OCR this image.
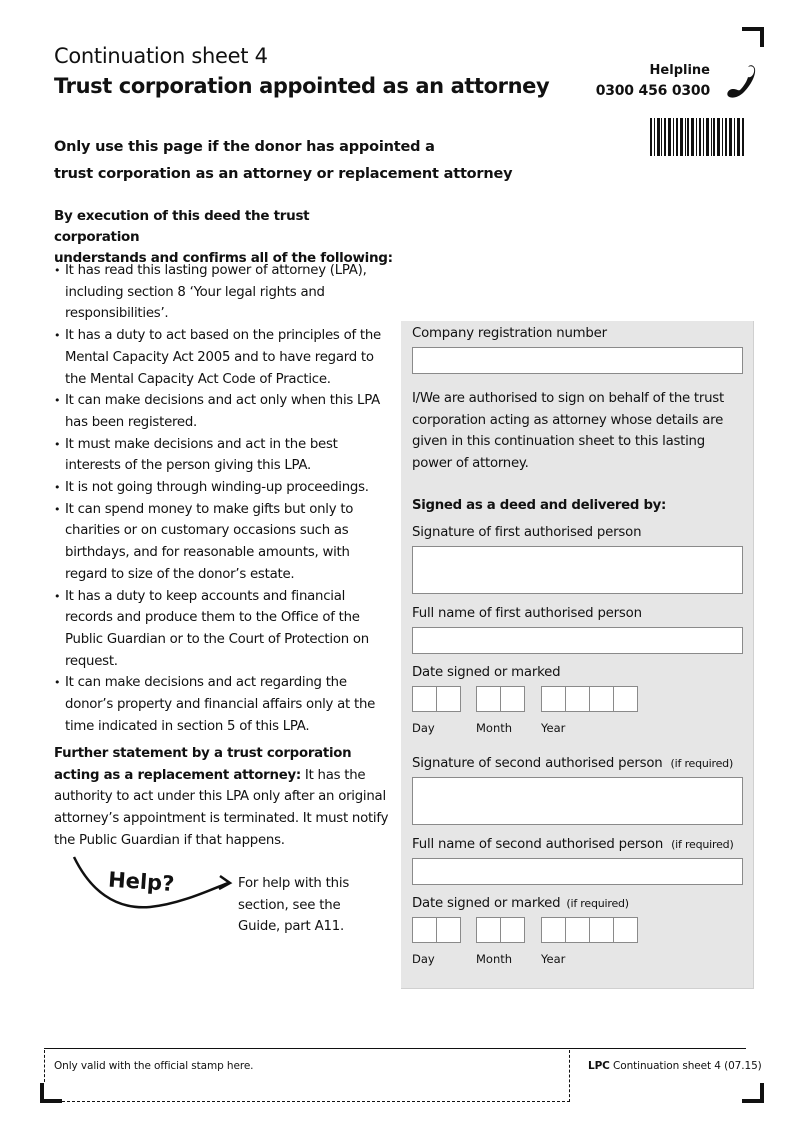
Continuation sheet 4
Trust corporation appointed as an attorney
Helpline
0300 456 0300
Only use this page if the donor has appointed a
trust corporation as an attorney or replacement attorney
By execution of this deed the trust corporation
understands and confirms all of the following:
• It has read this lasting power of attorney (LPA), including section 8 ‘Your legal rights and responsibilities’.
• It has a duty to act based on the principles of the Mental Capacity Act 2005 and to have regard to the Mental Capacity Act Code of Practice.
• It can make decisions and act only when this LPA has been registered.
• It must make decisions and act in the best interests of the person giving this LPA.
• It is not going through winding-up proceedings.
• It can spend money to make gifts but only to charities or on customary occasions such as birthdays, and for reasonable amounts, with regard to size of the donor’s estate.
• It has a duty to keep accounts and financial records and produce them to the Office of the Public Guardian or to the Court of Protection on request.
• It can make decisions and act regarding the donor’s property and financial affairs only at the time indicated in section 5 of this LPA.
Further statement by a trust corporation acting as a replacement attorney: It has the authority to act under this LPA only after an original attorney’s appointment is terminated. It must notify the Public Guardian if that happens.
Help?	For help with this section, see the Guide, part A11.
Company registration number
I/We are authorised to sign on behalf of the trust corporation acting as attorney whose details are given in this continuation sheet to this lasting power of attorney.
Signed as a deed and delivered by:
Signature of first authorised person
Full name of first authorised person
Date signed or marked
Day	Month	Year
Signature of second authorised person (if required)
Full name of second authorised person (if required)
Date signed or marked (if required)
Day	Month	Year
Only valid with the official stamp here.	LPC Continuation sheet 4 (07.15)
